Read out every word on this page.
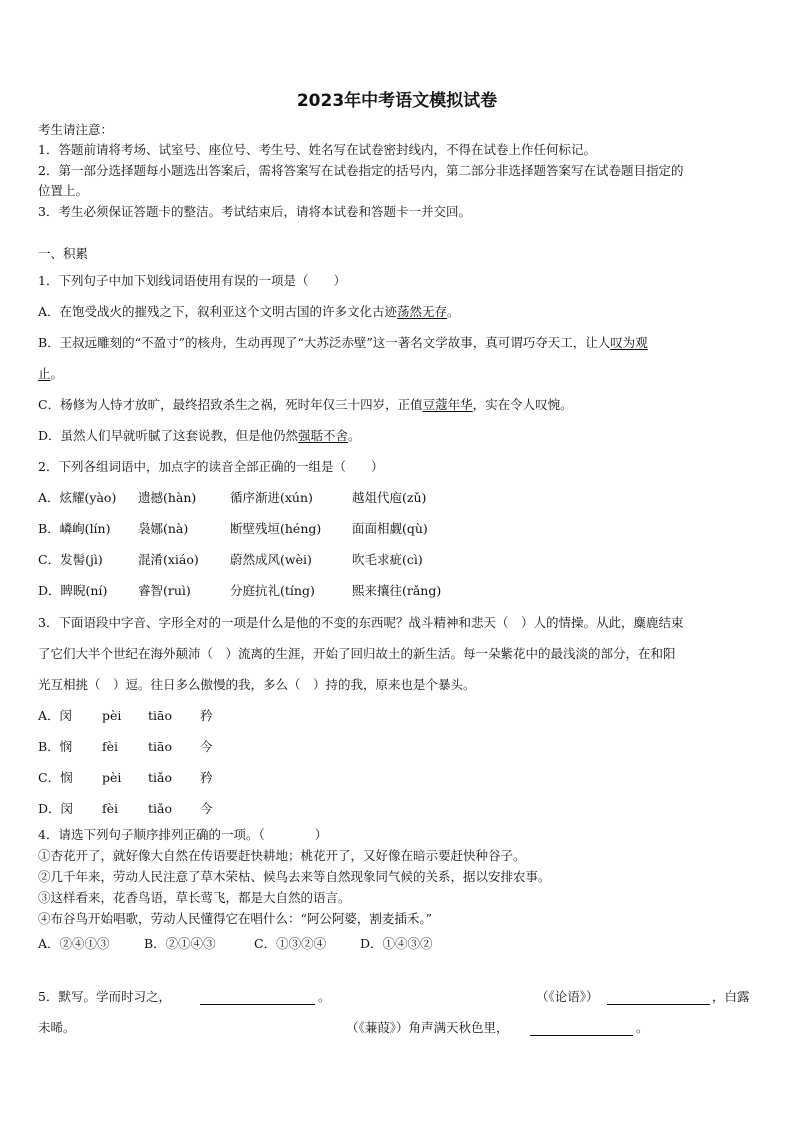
2023年中考语文模拟试卷
考生请注意：
1．答题前请将考场、试室号、座位号、考生号、姓名写在试卷密封线内，不得在试卷上作任何标记。
2．第一部分选择题每小题选出答案后，需将答案写在试卷指定的括号内，第二部分非选择题答案写在试卷题目指定的
位置上。
3．考生必须保证答题卡的整洁。考试结束后，请将本试卷和答题卡一并交回。
一、积累
1．下列句子中加下划线词语使用有误的一项是（　　）
A．在饱受战火的摧残之下，叙利亚这个文明古国的许多文化古迹荡然无存。
B．王叔远雕刻的“不盈寸”的核舟，生动再现了“大苏泛赤壁”这一著名文学故事，真可谓巧夺天工，让人叹为观
止。
C．杨修为人恃才放旷，最终招致杀生之祸，死时年仅三十四岁，正值豆蔻年华，实在令人叹惋。
D．虽然人们早就听腻了这套说教，但是他仍然强聒不舍。
2．下列各组词语中，加点字的读音全部正确的一组是（　　）
A．炫耀(yào) 遗撼(hàn)	循序渐进(xún)	越俎代庖(zǔ)
B．嶙峋(lín) 袅娜(nà)	断壁残垣(héng) 面面相觑(qù)
C．发髻(jì)	混淆(xiáo) 蔚然成风(wèi)	吹毛求疵(cì)
D．睥睨(ní) 睿智(ruì)	分庭抗礼(tíng)	熙来攘往(rǎng)
3．下面语段中字音、字形全对的一项是什么是他的不变的东西呢？战斗精神和悲天（　）人的情操。从此，麋鹿结束
了它们大半个世纪在海外颠沛（　）流离的生涯，开始了回归故土的新生活。每一朵紫花中的最浅淡的部分，在和阳
光互相挑（　）逗。往日多么傲慢的我，多么（　）持的我，原来也是个暴头。
A．闵 pèi tiāo 矜
B．悯 fèi tiāo 今
C．悯 pèi tiǎo 矜
D．闵 fèi tiǎo 今
4．请选下列句子顺序排列正确的一项。（　　　　）
①杏花开了，就好像大自然在传语要赶快耕地；桃花开了，又好像在暗示要赶快种谷子。
②几千年来，劳动人民注意了草木荣枯、候鸟去来等自然现象同气候的关系，据以安排农事。
③这样看来，花香鸟语，草长莺飞，都是大自然的语言。
④布谷鸟开始唱歌，劳动人民懂得它在唱什么：“阿公阿婆，割麦插禾。”
A．②④①③	B．②①④③	C．①③②④	D．①④③②
5．默写。学而时习之，	。	（《论语》）	，白露
未晞。	（《蒹葭》）角声满天秋色里，	。
